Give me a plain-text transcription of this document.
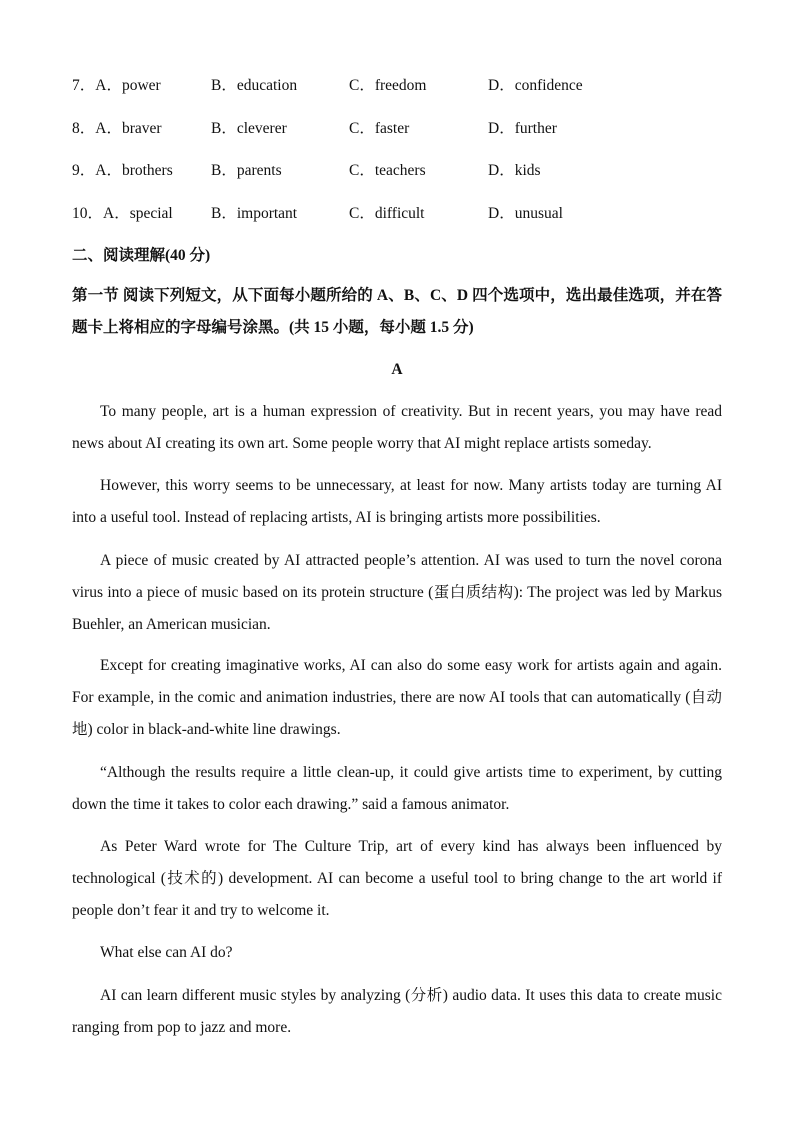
7．A．power	B．education	C．freedom	D．confidence
8．A．braver	B．cleverer	C．faster	D．further
9．A．brothers B．parents	C．teachers	D．kids
10．A．special B．important	C．difficult	D．unusual
二、阅读理解(40 分)
第一节 阅读下列短文，从下面每小题所给的 A、B、C、D 四个选项中，选出最佳选项，并在答题卡上将相应的字母编号涂黑。(共 15 小题，每小题 1.5 分)
A

To many people, art is a human expression of creativity. But in recent years, you may have read news about AI creating its own art. Some people worry that AI might replace artists someday.

However, this worry seems to be unnecessary, at least for now. Many artists today are turning AI into a useful tool. Instead of replacing artists, AI is bringing artists more possibilities.

A piece of music created by AI attracted people’s attention. AI was used to turn the novel corona virus into a piece of music based on its protein structure (蛋白质结构): The project was led by Markus Buehler, an American musician.

Except for creating imaginative works, AI can also do some easy work for artists again and again. For example, in the comic and animation industries, there are now AI tools that can automatically (自动地) color in black-and-white line drawings.

“Although the results require a little clean-up, it could give artists time to experiment, by cutting down the time it takes to color each drawing.” said a famous animator.

As Peter Ward wrote for The Culture Trip, art of every kind has always been influenced by technological (技术的) development. AI can become a useful tool to bring change to the art world if people don’t fear it and try to welcome it.

What else can AI do?

AI can learn different music styles by analyzing (分析) audio data. It uses this data to create music ranging from pop to jazz and more.
